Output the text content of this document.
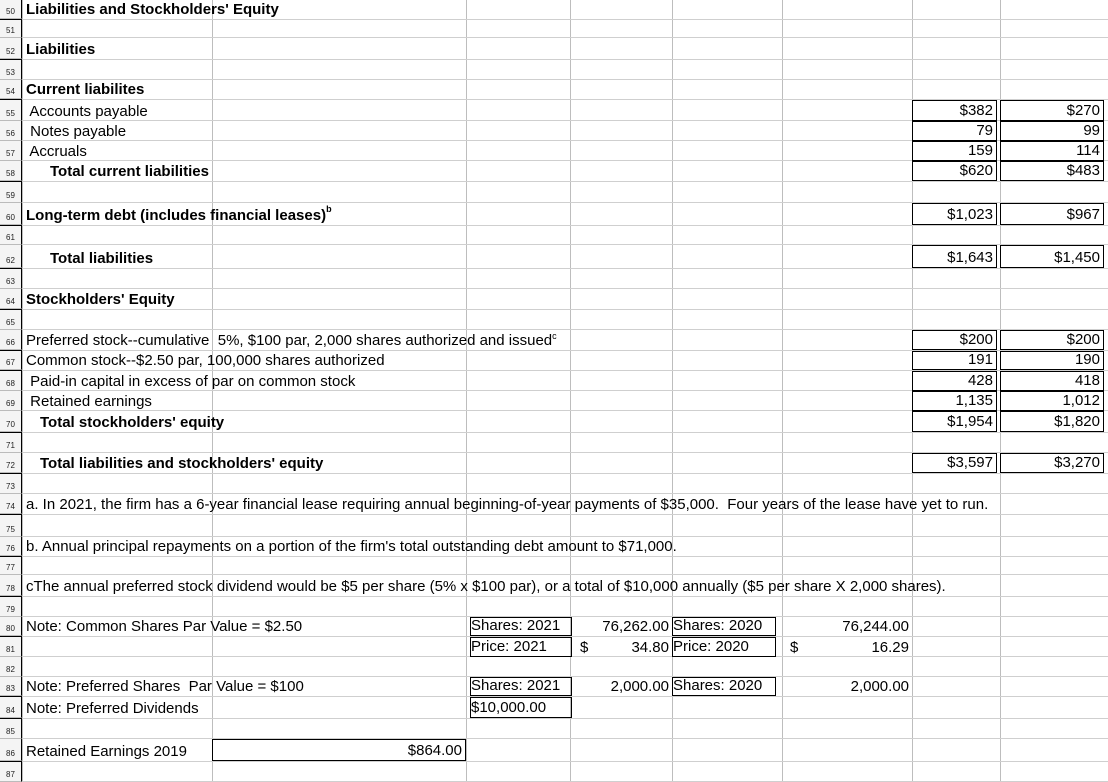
50 Liabilities and Stockholders' Equity
51
52 Liabilities
53
54 Current liabilites
55 Accounts payable	$382	$270
56 Notes payable	79	99
57 Accruals	159	114
58	Total current liabilities	$620	$483
59
60 Long-term debt (includes financial leases)$^b$	$1,023	$967
61
62	Total liabilities	$1,643	$1,450
63
64 Stockholders' Equity
65
66 Preferred stock--cumulative  5%, $100 par, 2,000 shares authorized and issued$^c$	$200	$200
67 Common stock--$2.50 par, 100,000 shares authorized	191	190
68 Paid-in capital in excess of par on common stock	428	418
69 Retained earnings	1,135	1,012
70	Total stockholders' equity	$1,954	$1,820
71
72	Total liabilities and stockholders' equity	$3,597	$3,270
73
74 a. In 2021, the firm has a 6-year financial lease requiring annual beginning-of-year payments of $35,000.  Four years of the lease have yet to run.
75
76 b. Annual principal repayments on a portion of the firm's total outstanding debt amount to $71,000.
77
78 cThe annual preferred stock dividend would be $5 per share (5% x $100 par), or a total of $10,000 annually ($5 per share X 2,000 shares).
79
80 Note: Common Shares Par Value = $2.50	Shares: 2021	76,262.00 Shares: 2020	76,244.00
81	Price: 2021 $	34.80 Price: 2020	$	16.29
82
83 Note: Preferred Shares  Par Value = $100	Shares: 2021	2,000.00 Shares: 2020	2,000.00
84 Note: Preferred Dividends	$10,000.00
85
86 Retained Earnings 2019	$864.00
87
